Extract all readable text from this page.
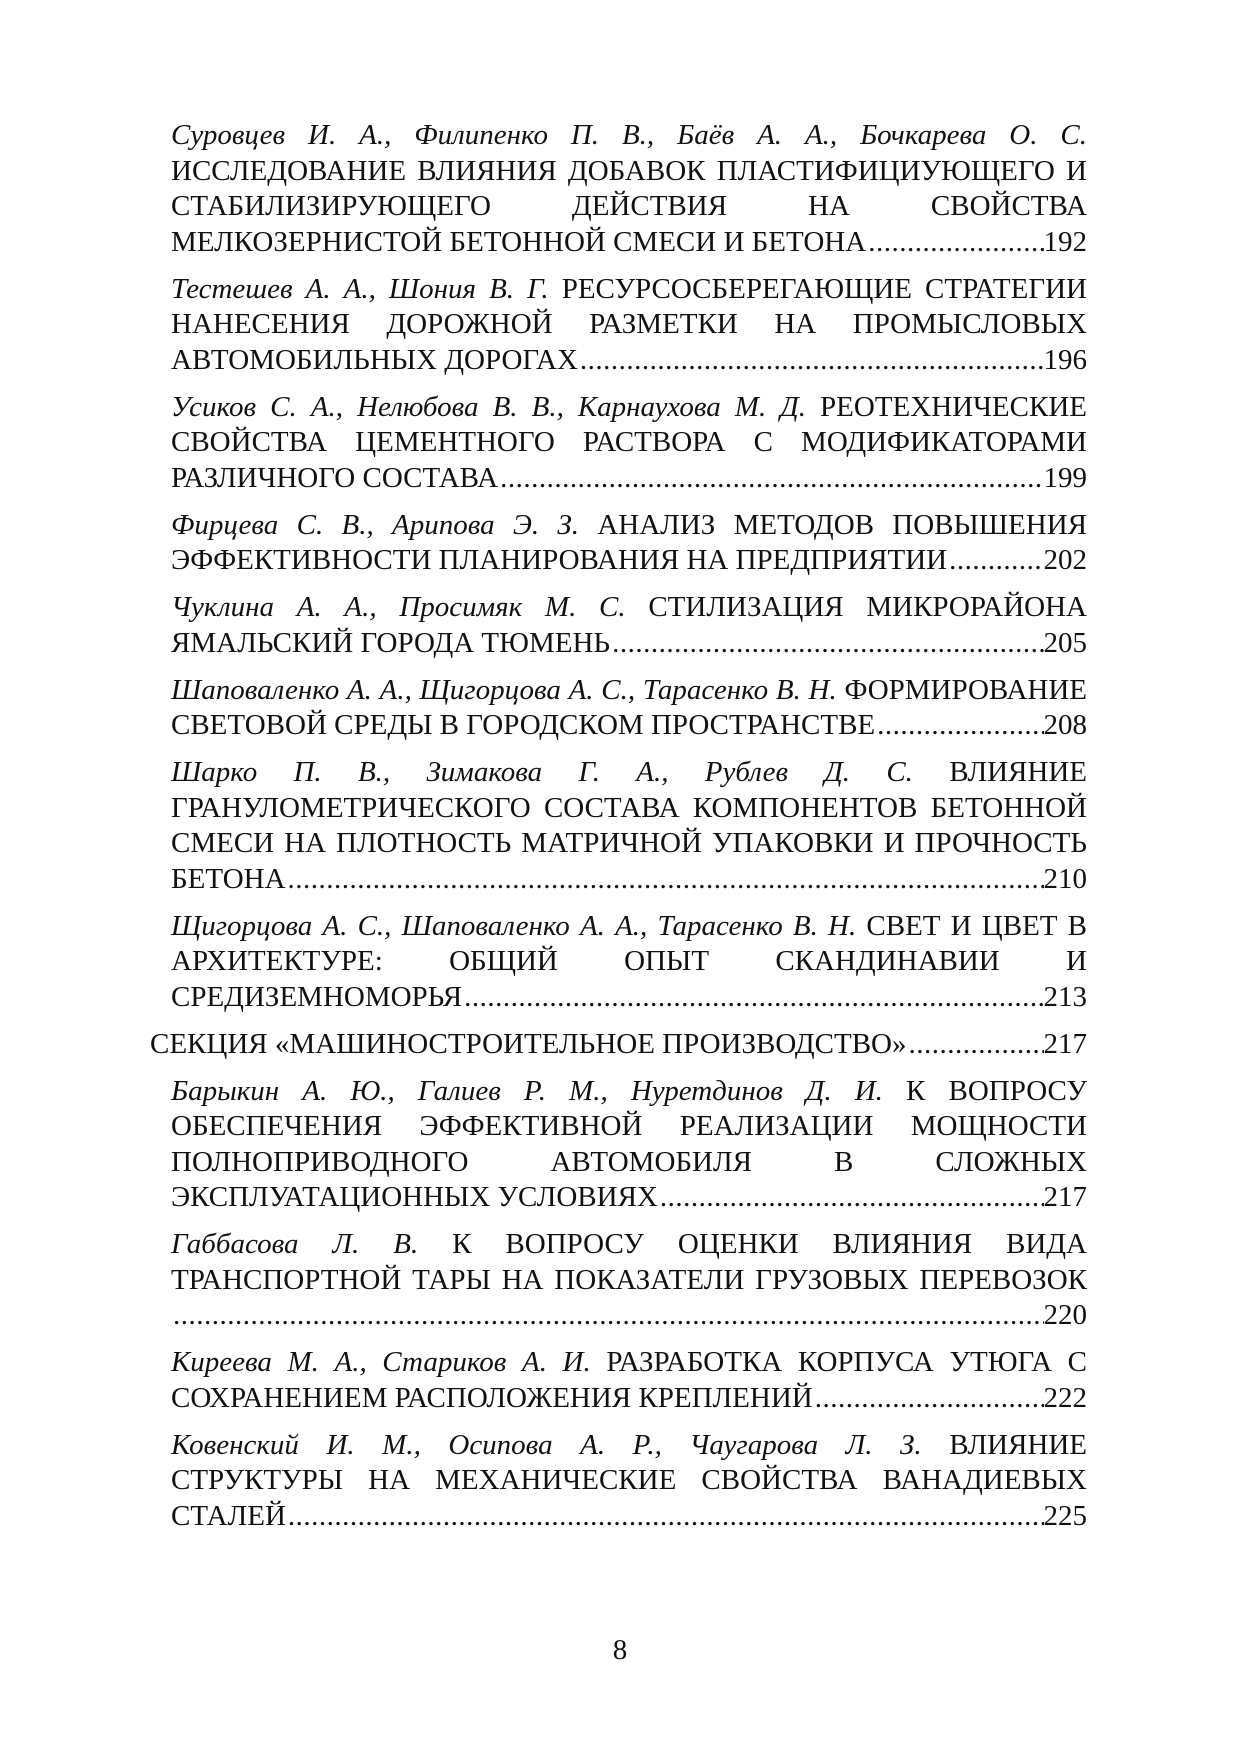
Суровцев И. А., Филипенко П. В., Баёв А. А., Бочкарева О. С.
ИССЛЕДОВАНИЕ ВЛИЯНИЯ ДОБАВОК ПЛАСТИФИЦИУЮЩЕГО И
СТАБИЛИЗИРУЮЩЕГО ДЕЙСТВИЯ НА СВОЙСТВА
МЕЛКОЗЕРНИСТОЙ БЕТОННОЙ СМЕСИ И БЕТОНА .....	192
Тестешев А. А., Шония В. Г. РЕСУРСОСБЕРЕГАЮЩИЕ СТРАТЕГИИ
НАНЕСЕНИЯ ДОРОЖНОЙ РАЗМЕТКИ НА ПРОМЫСЛОВЫХ
АВТОМОБИЛЬНЫХ ДОРОГАХ .....	196
Усиков С. А., Нелюбова В. В., Карнаухова М. Д. РЕОТЕХНИЧЕСКИЕ
СВОЙСТВА ЦЕМЕНТНОГО РАСТВОРА С МОДИФИКАТОРАМИ
РАЗЛИЧНОГО СОСТАВА .....	199
Фирцева С. В., Арипова Э. З. АНАЛИЗ МЕТОДОВ ПОВЫШЕНИЯ
ЭФФЕКТИВНОСТИ ПЛАНИРОВАНИЯ НА ПРЕДПРИЯТИИ .....	202
Чуклина А. А., Просимяк М. С. СТИЛИЗАЦИЯ МИКРОРАЙОНА
ЯМАЛЬСКИЙ ГОРОДА ТЮМЕНЬ .....	205
Шаповаленко А. А., Щигорцова А. С., Тарасенко В. Н. ФОРМИРОВАНИЕ
СВЕТОВОЙ СРЕДЫ В ГОРОДСКОМ ПРОСТРАНСТВЕ .....	208
Шарко П. В., Зимакова Г. А., Рублев Д. С. ВЛИЯНИЕ
ГРАНУЛОМЕТРИЧЕСКОГО СОСТАВА КОМПОНЕНТОВ БЕТОННОЙ
СМЕСИ НА ПЛОТНОСТЬ МАТРИЧНОЙ УПАКОВКИ И ПРОЧНОСТЬ
БЕТОНА .....	210
Щигорцова А. С., Шаповаленко А. А., Тарасенко В. Н. СВЕТ И ЦВЕТ В
АРХИТЕКТУРЕ: ОБЩИЙ ОПЫТ СКАНДИНАВИИ И
СРЕДИЗЕМНОМОРЬЯ .....	213
СЕКЦИЯ «МАШИНОСТРОИТЕЛЬНОЕ ПРОИЗВОДСТВО» .....	217
Барыкин А. Ю., Галиев Р. М., Нуретдинов Д. И. К ВОПРОСУ
ОБЕСПЕЧЕНИЯ ЭФФЕКТИВНОЙ РЕАЛИЗАЦИИ МОЩНОСТИ
ПОЛНОПРИВОДНОГО АВТОМОБИЛЯ В СЛОЖНЫХ
ЭКСПЛУАТАЦИОННЫХ УСЛОВИЯХ .....	217
Габбасова Л. В. К ВОПРОСУ ОЦЕНКИ ВЛИЯНИЯ ВИДА
ТРАНСПОРТНОЙ ТАРЫ НА ПОКАЗАТЕЛИ ГРУЗОВЫХ ПЕРЕВОЗОК
.....
220
Киреева М. А., Стариков А. И. РАЗРАБОТКА КОРПУСА УТЮГА С
СОХРАНЕНИЕМ РАСПОЛОЖЕНИЯ КРЕПЛЕНИЙ .....	222
Ковенский И. М., Осипова А. Р., Чаугарова Л. З. ВЛИЯНИЕ
СТРУКТУРЫ НА МЕХАНИЧЕСКИЕ СВОЙСТВА ВАНАДИЕВЫХ
СТАЛЕЙ .....	225
8
